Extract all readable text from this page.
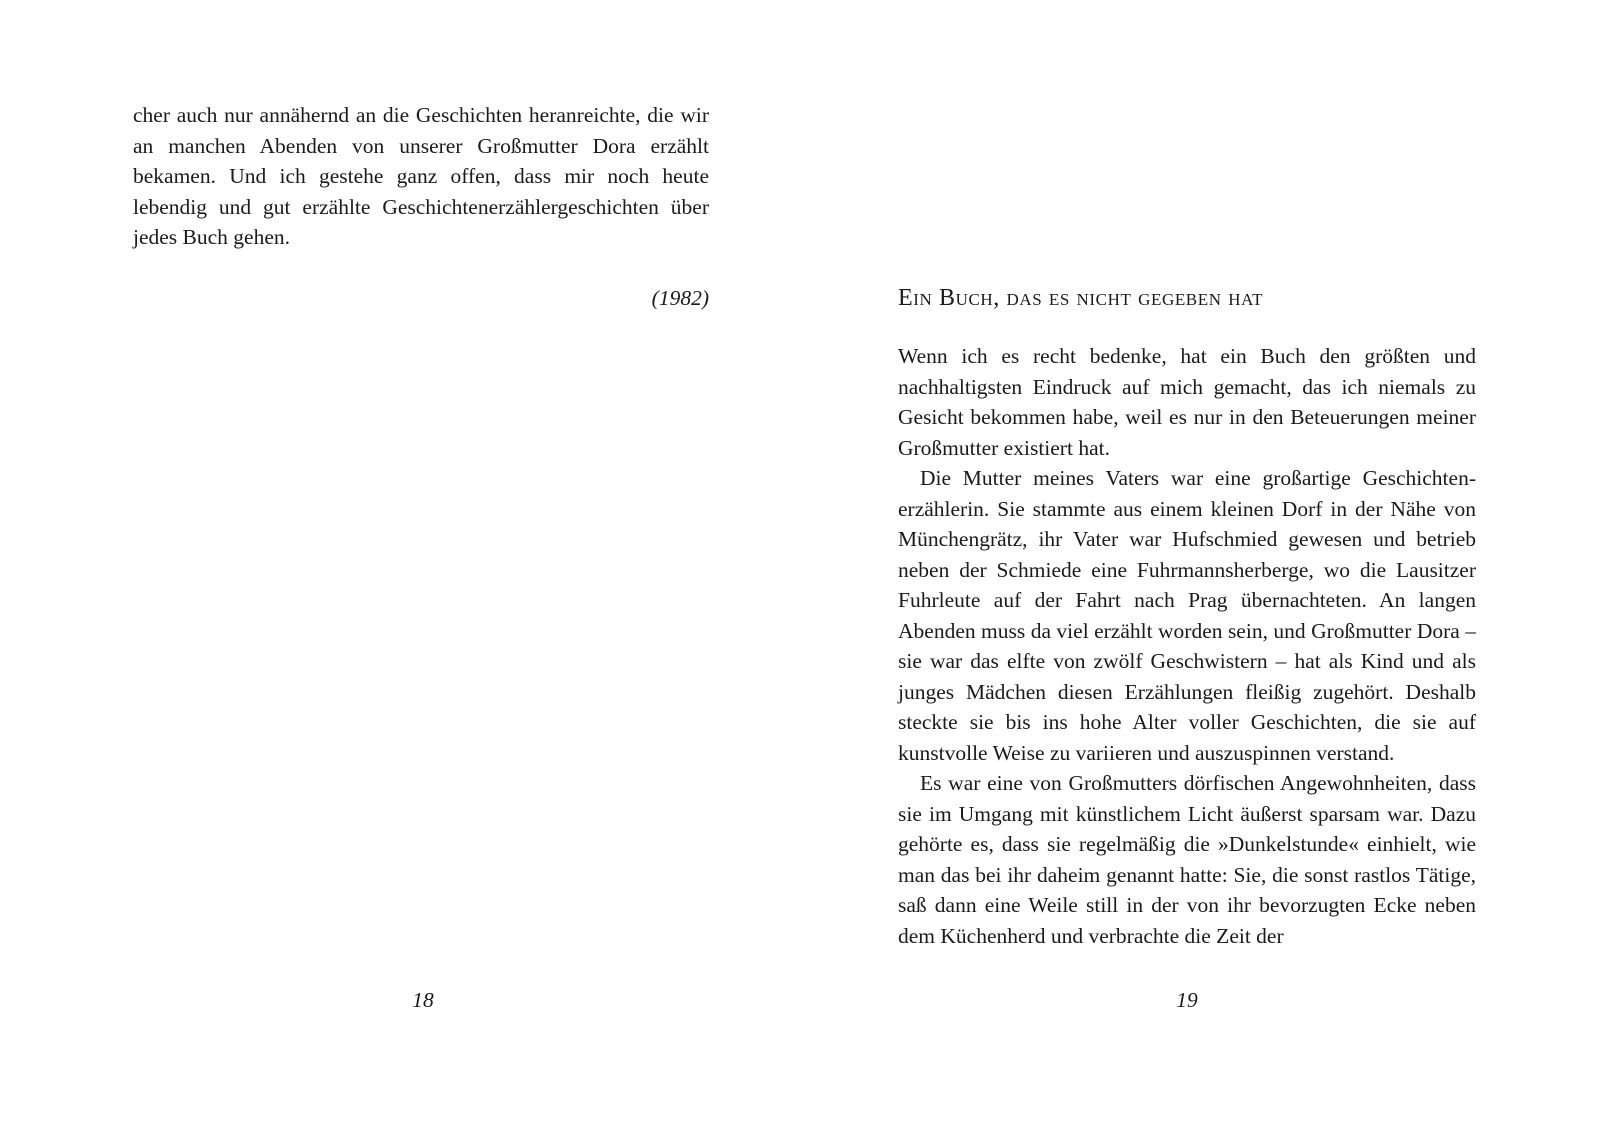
cher auch nur annähernd an die Geschichten heranreichte, die wir an manchen Abenden von unserer Großmutter Dora erzählt bekamen. Und ich gestehe ganz offen, dass mir noch heute lebendig und gut erzählte Geschichtenerzählergeschichten über jedes Buch gehen.

(1982)
18
Ein Buch, das es nicht gegeben hat

Wenn ich es recht bedenke, hat ein Buch den größten und nachhaltigsten Eindruck auf mich gemacht, das ich niemals zu Gesicht bekommen habe, weil es nur in den Beteuerungen meiner Großmutter existiert hat.

Die Mutter meines Vaters war eine großartige Geschichtenerzählerin. Sie stammte aus einem kleinen Dorf in der Nähe von Münchengrätz, ihr Vater war Hufschmied gewesen und betrieb neben der Schmiede eine Fuhrmannsherberge, wo die Lausitzer Fuhrleute auf der Fahrt nach Prag übernachteten. An langen Abenden muss da viel erzählt worden sein, und Großmutter Dora – sie war das elfte von zwölf Geschwistern – hat als Kind und als junges Mädchen diesen Erzählungen fleißig zugehört. Deshalb steckte sie bis ins hohe Alter voller Geschichten, die sie auf kunstvolle Weise zu variieren und auszuspinnen verstand.

Es war eine von Großmutters dörfischen Angewohnheiten, dass sie im Umgang mit künstlichem Licht äußerst sparsam war. Dazu gehörte es, dass sie regelmäßig die »Dunkelstunde« einhielt, wie man das bei ihr daheim genannt hatte: Sie, die sonst rastlos Tätige, saß dann eine Weile still in der von ihr bevorzugten Ecke neben dem Küchenherd und verbrachte die Zeit der

19
